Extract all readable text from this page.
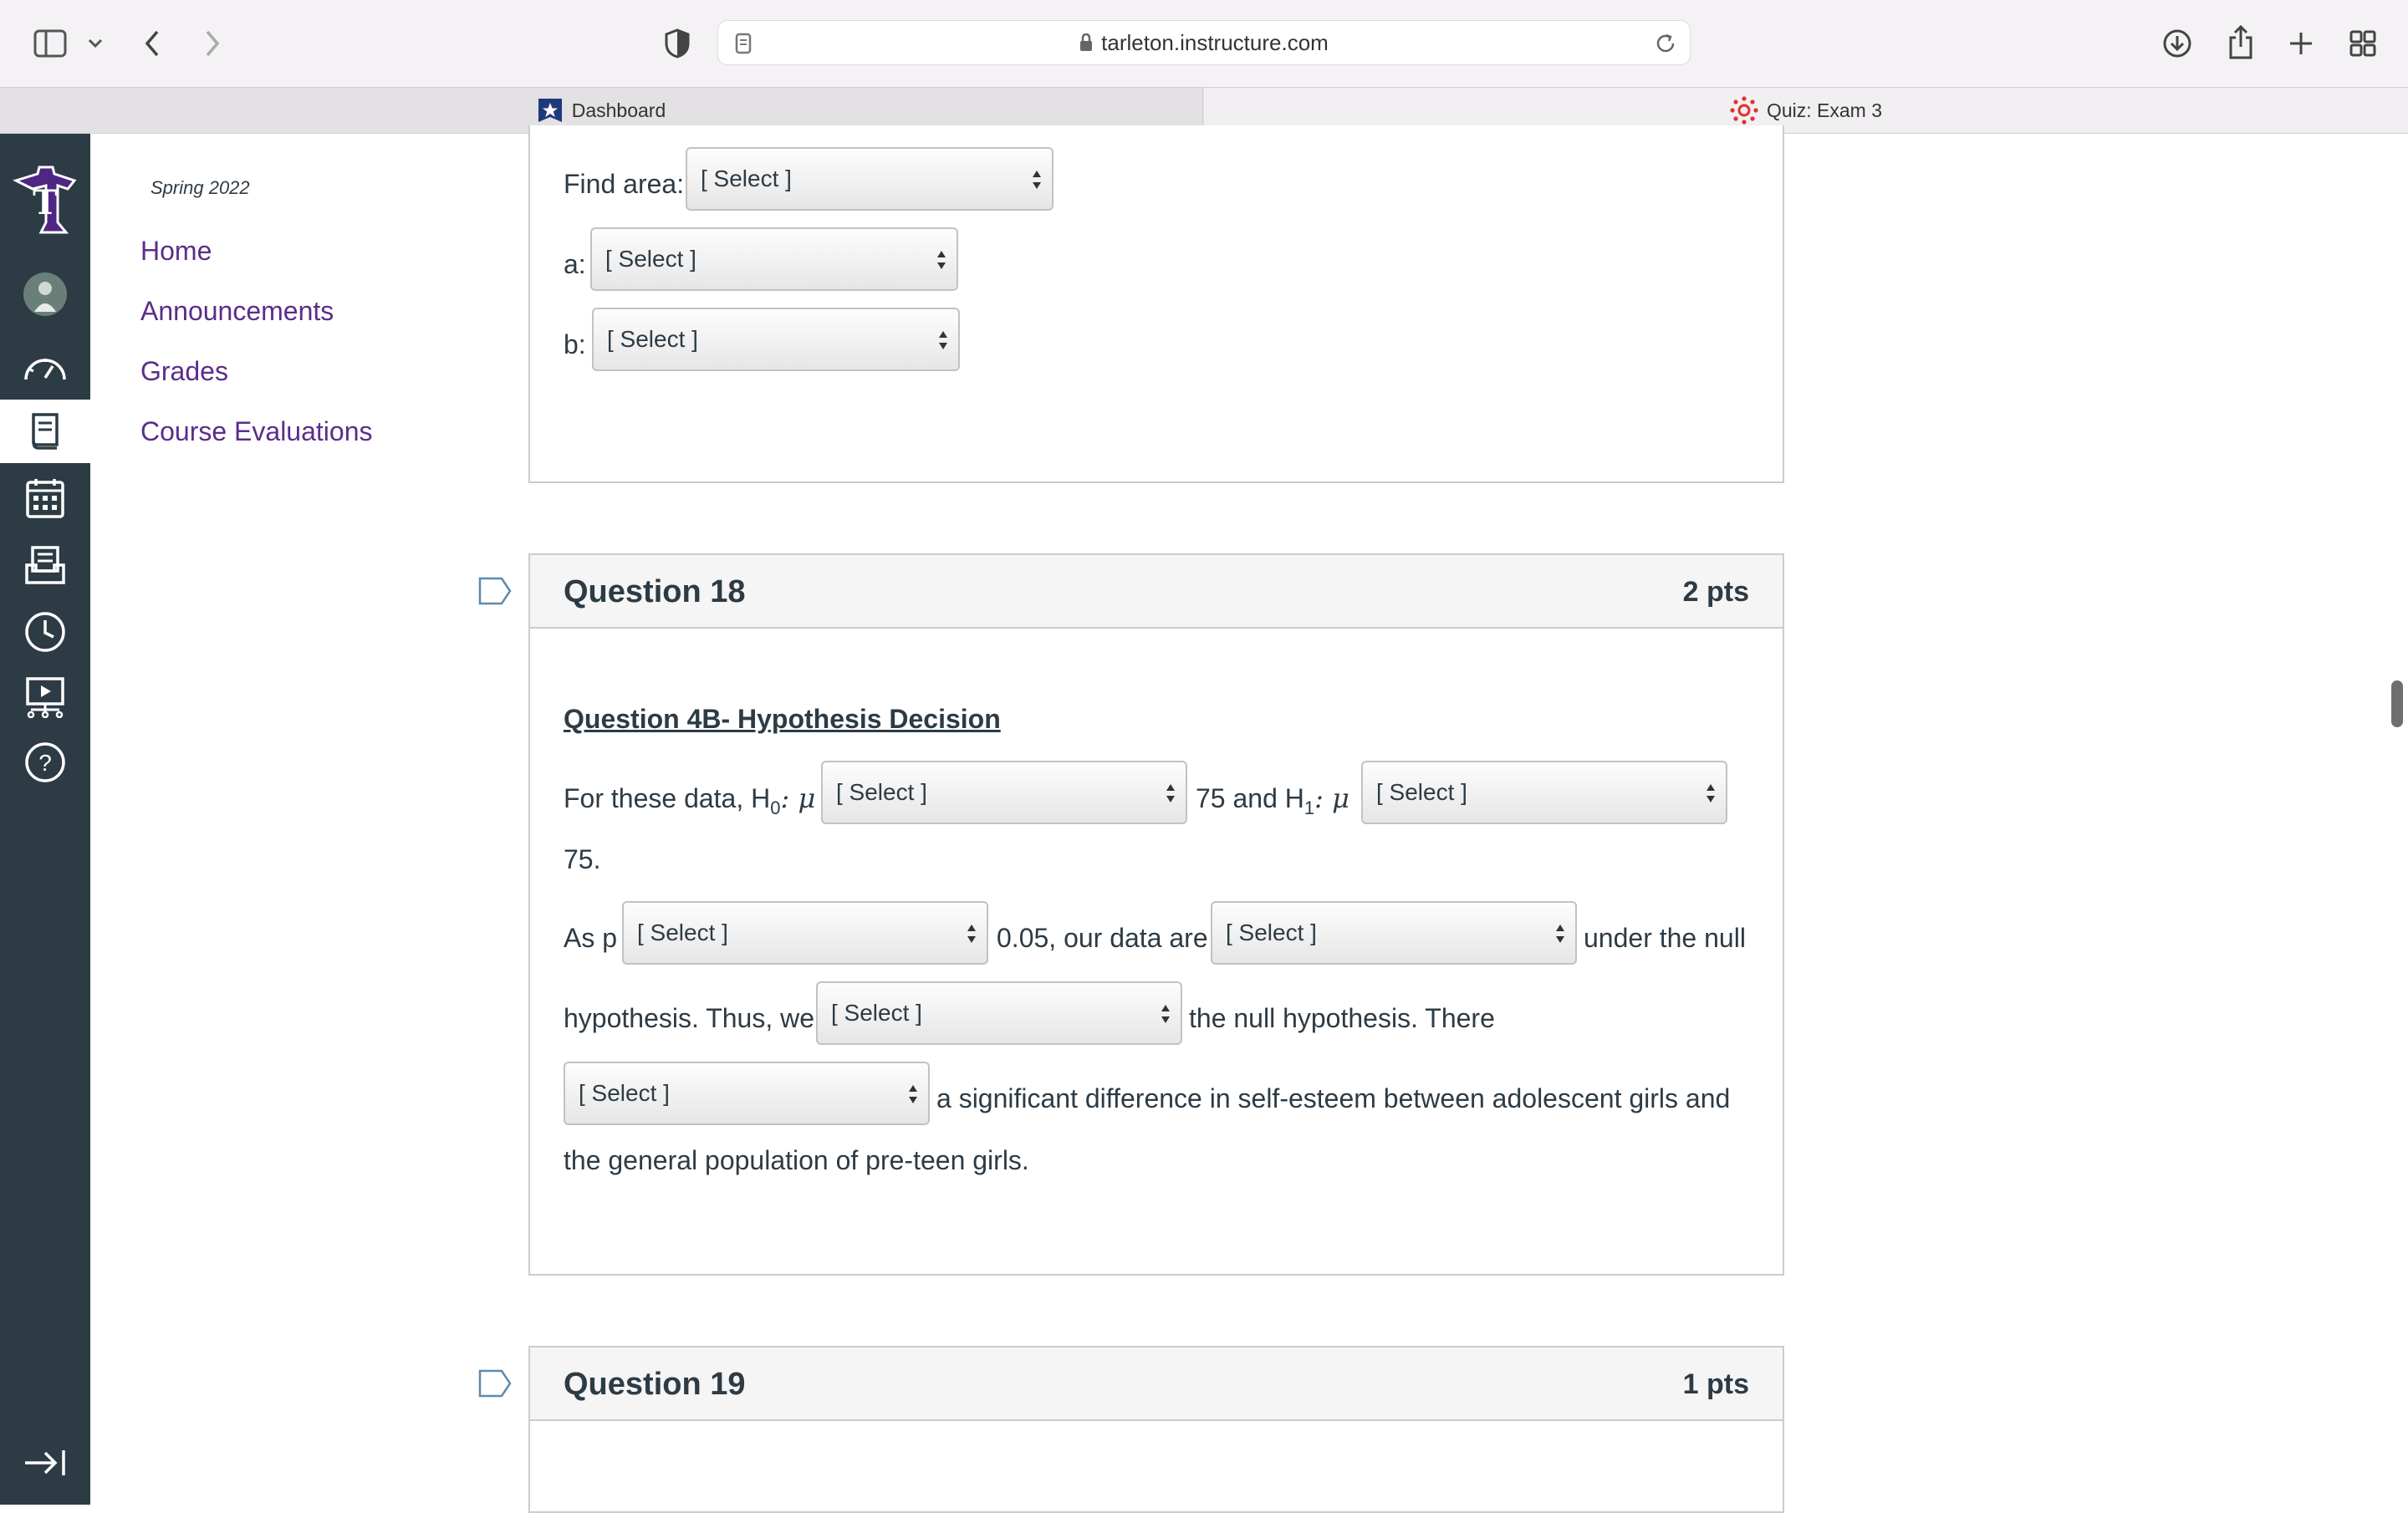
tarleton.instructure.com
Dashboard	Quiz: Exam 3
T
?
Spring 2022
Home
Announcements
Grades
Course Evaluations
Find area: [ Select ]
a: [ Select ]
b: [ Select ]
Question 18	2 pts
Question 4B- Hypothesis Decision
For these data, $H_0$: μ [ Select ]	75 and $H_1$: μ [ Select ]
75.
As p [ Select ]	0.05, our data are [ Select ]	under the null
hypothesis. Thus, we [ Select ]	the null hypothesis. There
[ Select ]	a significant difference in self-esteem between adolescent girls and
the general population of pre-teen girls.
Question 19	1 pts
